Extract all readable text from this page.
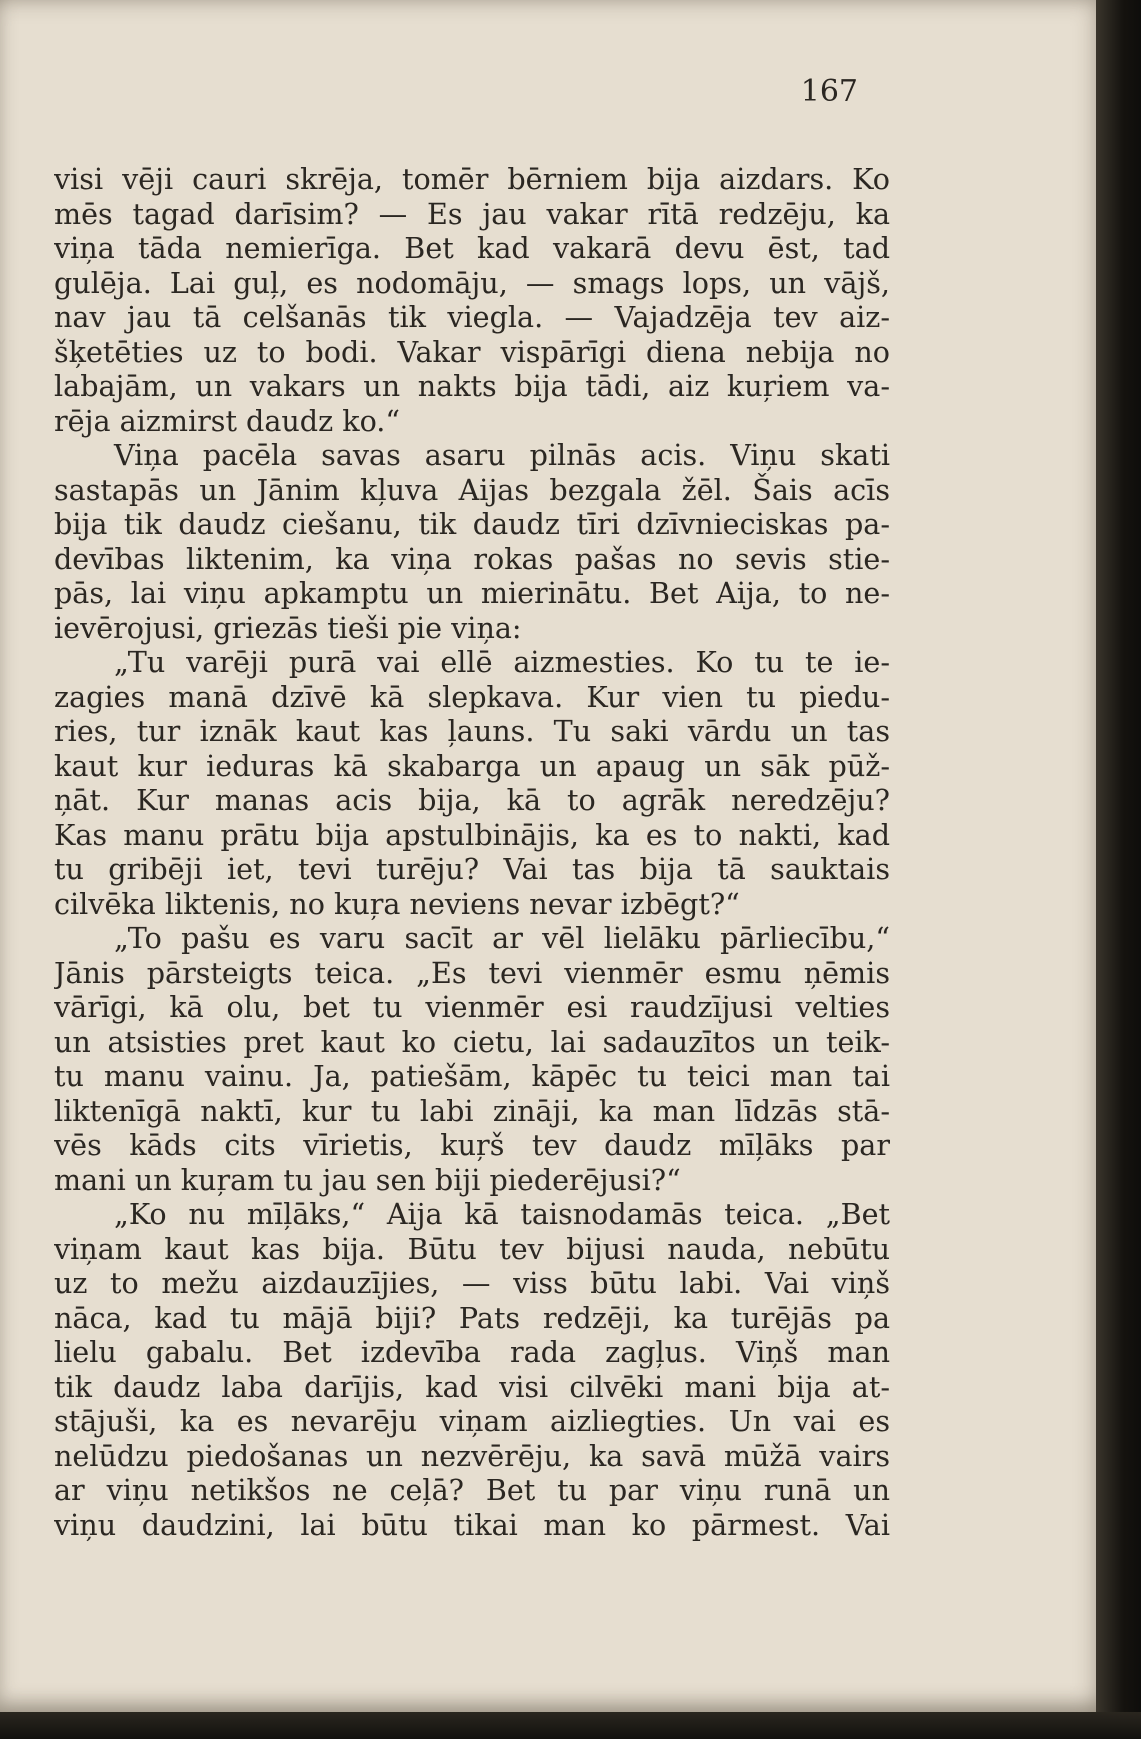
167
visi vēji cauri skrēja, tomēr bērniem bija aizdars. Ko
mēs tagad darīsim? — Es jau vakar rītā redzēju, ka
viņa tāda nemierīga. Bet kad vakarā devu ēst, tad
gulēja. Lai guļ, es nodomāju, — smags lops, un vājš,
nav jau tā celšanās tik viegla. — Vajadzēja tev aiz-
šķetēties uz to bodi. Vakar vispārīgi diena nebija no
labajām, un vakars un nakts bija tādi, aiz kuŗiem va-
rēja aizmirst daudz ko.“
Viņa pacēla savas asaru pilnās acis. Viņu skati
sastapās un Jānim kļuva Aijas bezgala žēl. Šais acīs
bija tik daudz ciešanu, tik daudz tīri dzīvnieciskas pa-
devības liktenim, ka viņa rokas pašas no sevis stie-
pās, lai viņu apkamptu un mierinātu. Bet Aija, to ne-
ievērojusi, griezās tieši pie viņa:
„Tu varēji purā vai ellē aizmesties. Ko tu te ie-
zagies manā dzīvē kā slepkava. Kur vien tu piedu-
ries, tur iznāk kaut kas ļauns. Tu saki vārdu un tas
kaut kur ieduras kā skabarga un apaug un sāk pūž-
ņāt. Kur manas acis bija, kā to agrāk neredzēju?
Kas manu prātu bija apstulbinājis, ka es to nakti, kad
tu gribēji iet, tevi turēju? Vai tas bija tā sauktais
cilvēka liktenis, no kuŗa neviens nevar izbēgt?“
„To pašu es varu sacīt ar vēl lielāku pārliecību,“
Jānis pārsteigts teica. „Es tevi vienmēr esmu ņēmis
vārīgi, kā olu, bet tu vienmēr esi raudzījusi velties
un atsisties pret kaut ko cietu, lai sadauzītos un teik-
tu manu vainu. Ja, patiešām, kāpēc tu teici man tai
liktenīgā naktī, kur tu labi zināji, ka man līdzās stā-
vēs kāds cits vīrietis, kuŗš tev daudz mīļāks par
mani un kuŗam tu jau sen biji piederējusi?“
„Ko nu mīļāks,“ Aija kā taisnodamās teica. „Bet
viņam kaut kas bija. Būtu tev bijusi nauda, nebūtu
uz to mežu aizdauzījies, — viss būtu labi. Vai viņš
nāca, kad tu mājā biji? Pats redzēji, ka turējās pa
lielu gabalu. Bet izdevība rada zagļus. Viņš man
tik daudz laba darījis, kad visi cilvēki mani bija at-
stājuši, ka es nevarēju viņam aizliegties. Un vai es
nelūdzu piedošanas un nezvērēju, ka savā mūžā vairs
ar viņu netikšos ne ceļā? Bet tu par viņu runā un
viņu daudzini, lai būtu tikai man ko pārmest. Vai
